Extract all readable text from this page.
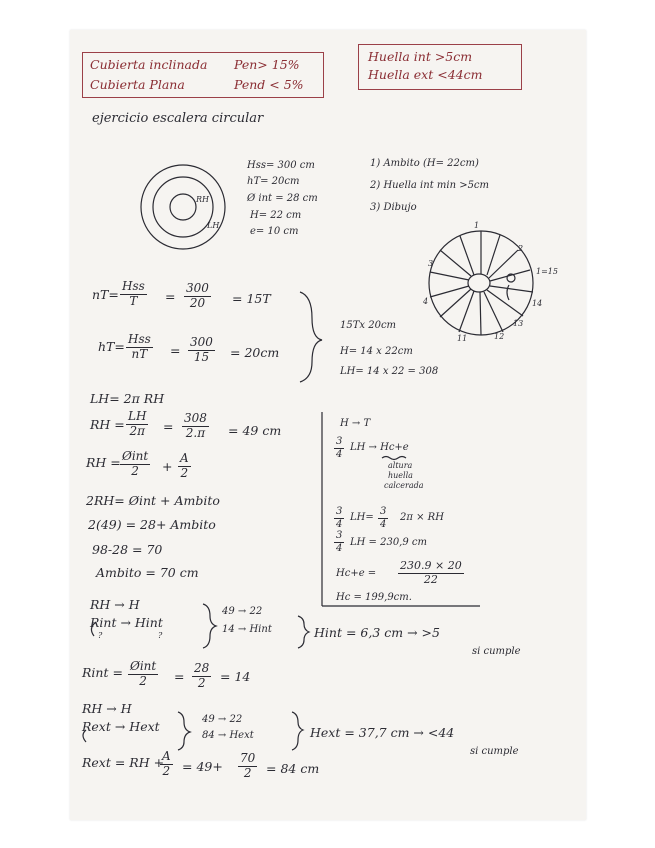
Cubierta inclinada Pen> 15%
Cubierta Plana	Pend < 5%
Huella int >5cm
Huella ext <44cm
ejercicio escalera circular
RH
LH
Hss= 300 cm
hT= 20cm
Ø int = 28 cm
H= 22 cm
e= 10 cm
1) Ambito (H= 22cm)
2) Huella int min >5cm
3) Dibujo
1
2
3
4
11	12
13
14
1=15
nT=
Hss
T	= $\frac{300}{20} = 15T$
hT= Hss
nT	= $\frac{300}{15} = 20cm$
15Tx 20cm
H= 14 x 22cm
LH= 14 x 22 = 308
LH= 2π RH
RH = $\frac{LH}{2\pi} = \frac{308}{2.\pi} = 49$ cm
RH = Øint
2	+ $\frac{A}{2}$
2RH= Øint + Ambito
2(49) = 28+ Ambito
98-28 = 70
Ambito = 70 cm
H → T
$\frac{3}{4}$ LH → Hc+e
altura
huella
calcerada
$\frac{3}{4} LH= \frac{3}{4} 2\pi$ × RH
$\frac{3}{4}$ LH = 230,9 cm
$Hc+e = \frac{230.9 \times 20}{22}$
Hc = 199,9cm.
RH → H
Rint → Hint
?	?
49 → 22
14 → Hint	Hint = 6,3 cm → >5
si cumple
Rint = Øint
2	= $\frac{28}{2} = 14$
RH → H
Rext → Hext	49 → 22
84 → Hext	Hext = 37,7 cm → <44
si cumple
Rext = RH +
$\frac{A}{2} = 49+ \frac{70}{2} = 84$ cm
